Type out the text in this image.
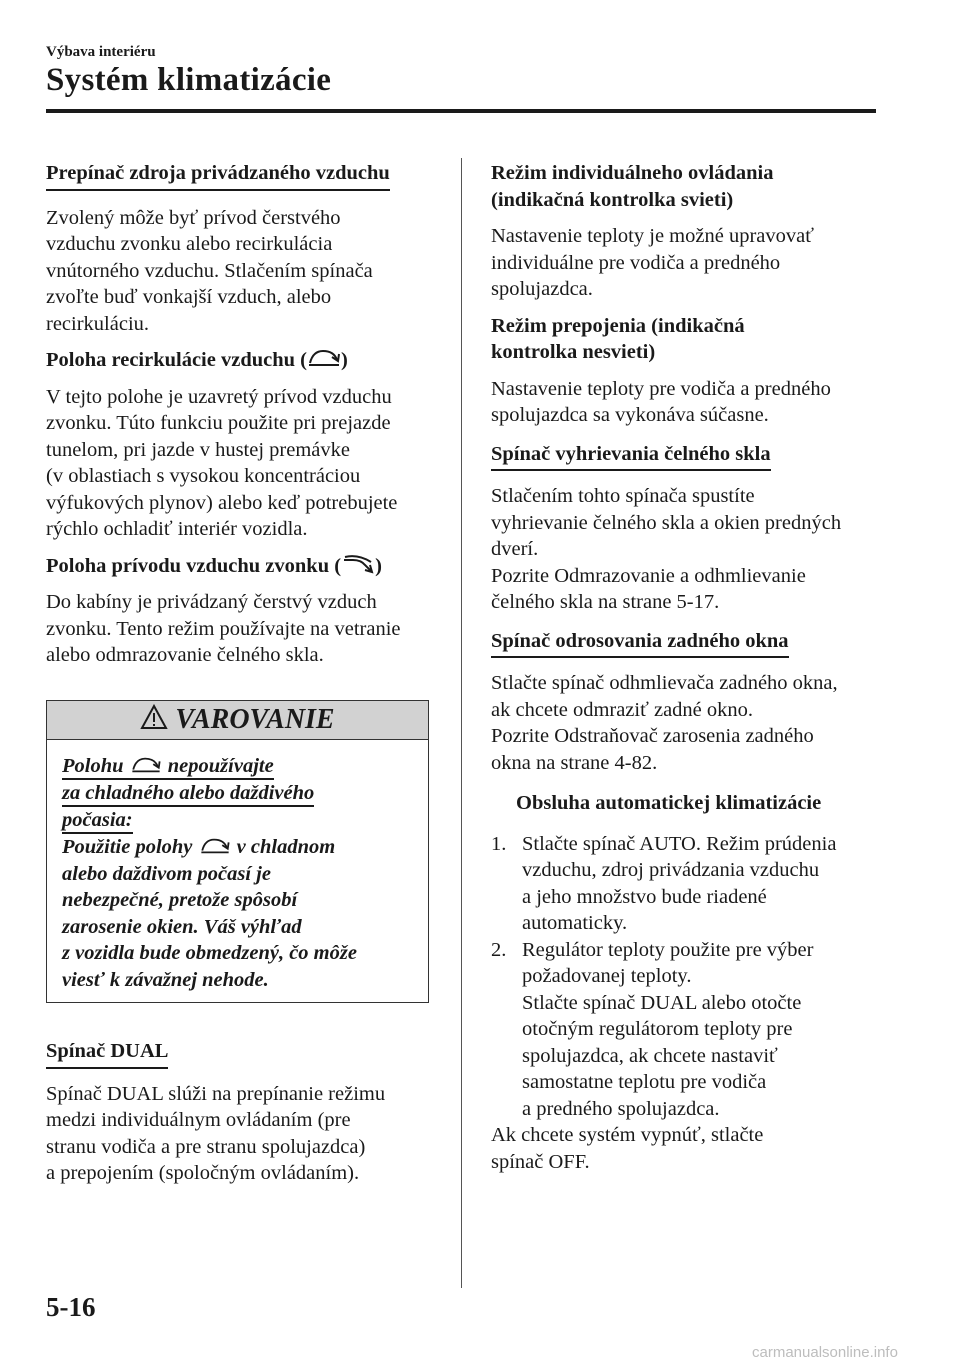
Výbava interiéru
Systém klimatizácie

Prepínač zdroja privádzaného vzduchu

Zvolený môže byť prívod čerstvého
vzduchu zvonku alebo recirkulácia
vnútorného vzduchu. Stlačením spínača
zvoľte buď vonkajší vzduch, alebo
recirkuláciu.

Poloha recirkulácie vzduchu ( )

V tejto polohe je uzavretý prívod vzduchu
zvonku. Túto funkciu použite pri prejazde
tunelom, pri jazde v hustej premávke
(v oblastiach s vysokou koncentráciou
výfukových plynov) alebo keď potrebujete
rýchlo ochladiť interiér vozidla.

Poloha prívodu vzduchu zvonku ( )

Do kabíny je privádzaný čerstvý vzduch
zvonku. Tento režim používajte na vetranie
alebo odmrazovanie čelného skla.

VAROVANIE

Polohu nepoužívajte

za chladného alebo daždivého

počasia:

Použitie polohy v chladnom

alebo daždivom počasí je

nebezpečné, pretože spôsobí

zarosenie okien. Váš výhľad

z vozidla bude obmedzený, čo môže

viesť k závažnej nehode.

Spínač DUAL

Spínač DUAL slúži na prepínanie režimu
medzi individuálnym ovládaním (pre
stranu vodiča a pre stranu spolujazdca)
a prepojením (spoločným ovládaním).

Režim individuálneho ovládania
(indikačná kontrolka svieti)

Nastavenie teploty je možné upravovať
individuálne pre vodiča a predného
spolujazdca.

Režim prepojenia (indikačná
kontrolka nesvieti)

Nastavenie teploty pre vodiča a predného
spolujazdca sa vykonáva súčasne.

Spínač vyhrievania čelného skla

Stlačením tohto spínača spustíte
vyhrievanie čelného skla a okien predných
dverí.
Pozrite Odmrazovanie a odhmlievanie
čelného skla na strane 5-17.

Spínač odrosovania zadného okna

Stlačte spínač odhmlievača zadného okna,
ak chcete odmraziť zadné okno.
Pozrite Odstraňovač zarosenia zadného
okna na strane 4-82.

Obsluha automatickej klimatizácie

1. Stlačte spínač AUTO. Režim prúdenia
vzduchu, zdroj privádzania vzduchu
a jeho množstvo bude riadené
automaticky.
2. Regulátor teploty použite pre výber
požadovanej teploty.
Stlačte spínač DUAL alebo otočte
otočným regulátorom teploty pre
spolujazdca, ak chcete nastaviť
samostatne teplotu pre vodiča
a predného spolujazdca.

Ak chcete systém vypnúť, stlačte
spínač OFF.

5-16
carmanualsonline.info
